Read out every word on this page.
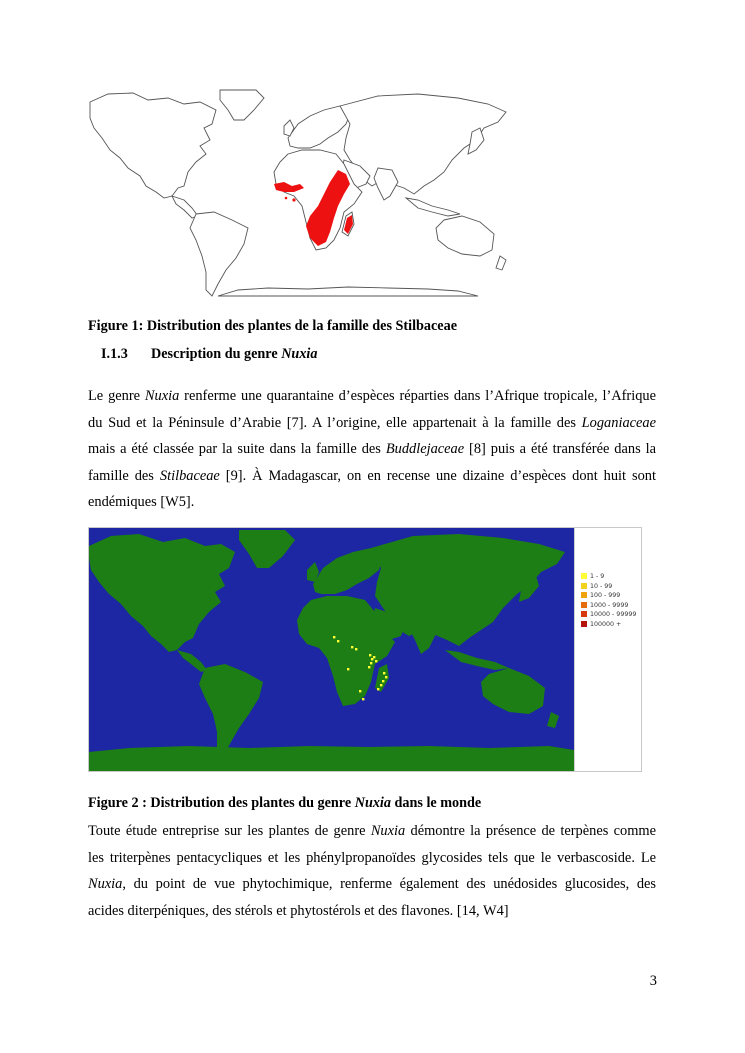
Figure 1: Distribution des plantes de la famille des Stilbaceae
I.1.3 Description du genre Nuxia
Le genre Nuxia renferme une quarantaine d’espèces réparties dans l’Afrique tropicale, l’Afrique
du Sud et la Péninsule d’Arabie [7]. A l’origine, elle appartenait à la famille des Loganiaceae
mais a été classée par la suite dans la famille des Buddlejaceae [8] puis a été transférée dans la
famille des Stilbaceae [9]. À Madagascar, on en recense une dizaine d’espèces dont huit sont
endémiques [W5].
1 - 9
10 - 99
100 - 999
1000 - 9999
10000 - 99999
100000 +
Figure 2 : Distribution des plantes du genre Nuxia dans le monde
Toute étude entreprise sur les plantes de genre Nuxia démontre la présence de terpènes comme
les triterpènes pentacycliques et les phénylpropanoïdes glycosides tels que le verbascoside. Le
Nuxia, du point de vue phytochimique, renferme également des unédosides glucosides, des
acides diterpéniques, des stérols et phytostérols et des flavones. [14, W4]
3
